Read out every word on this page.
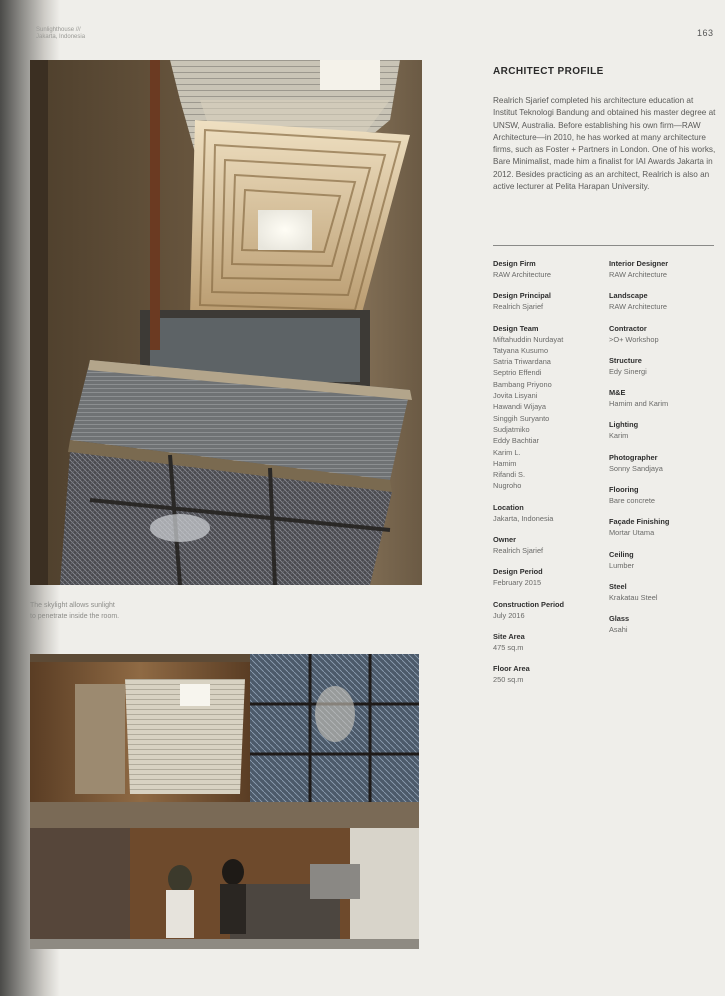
Sunlighthouse ///
Jakarta, Indonesia	163
The skylight allows sunlight
to penetrate inside the room.
ARCHITECT PROFILE

Realrich Sjarief completed his architecture education at Institut Teknologi Bandung and obtained his master degree at UNSW, Australia. Before establishing his own firm—RAW Architecture—in 2010, he has worked at many architecture firms, such as Foster + Partners in London. One of his works, Bare Minimalist, made him a finalist for IAI Awards Jakarta in 2012. Besides practicing as an architect, Realrich is also an active lecturer at Pelita Harapan University.

Design Firm
RAW Architecture
Design Principal
Realrich Sjarief
Design Team
Miftahuddin Nurdayat
Tatyana Kusumo
Satria Triwardana
Septrio Effendi
Bambang Priyono
Jovita Lisyani
Hawandi Wijaya
Singgih Suryanto
Sudjatmiko
Eddy Bachtiar
Karim L.
Hamim
Rifandi S.
Nugroho
Location
Jakarta, Indonesia
Owner
Realrich Sjarief
Design Period
February 2015
Construction Period
July 2016
Site Area
475 sq.m
Floor Area
250 sq.m
Interior Designer
RAW Architecture
Landscape
RAW Architecture
Contractor
>O+ Workshop
Structure
Edy Sinergi
M&E
Hamim and Karim
Lighting
Karim
Photographer
Sonny Sandjaya
Flooring
Bare concrete
Façade Finishing
Mortar Utama
Ceiling
Lumber
Steel
Krakatau Steel
Glass
Asahi
